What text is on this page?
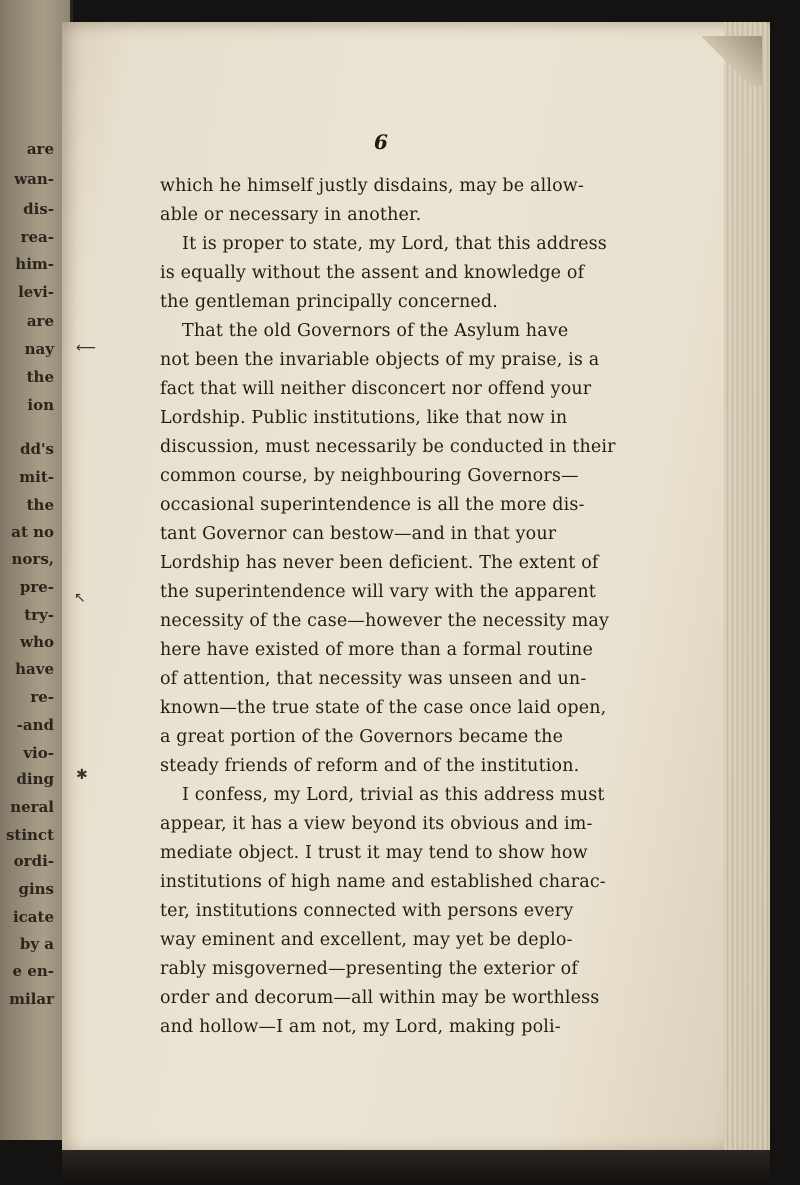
are
wan-
dis-
rea-
him-
levi-
are
nay
the
ion
dd's
mit-
the
at no
nors,
pre-
try-
who
have
re-
-and
vio-
ding
neral
stinct
ordi-
gins
icate
by a
e en-
milar
6
⟵
↖
✱
which he himself justly disdains, may be allow-
able or necessary in another.
It is proper to state, my Lord, that this address
is equally without the assent and knowledge of
the gentleman principally concerned.
That the old Governors of the Asylum have
not been the invariable objects of my praise, is a
fact that will neither disconcert nor offend your
Lordship. Public institutions, like that now in
discussion, must necessarily be conducted in their
common course, by neighbouring Governors—
occasional superintendence is all the more dis-
tant Governor can bestow—and in that your
Lordship has never been deficient. The extent of
the superintendence will vary with the apparent
necessity of the case—however the necessity may
here have existed of more than a formal routine
of attention, that necessity was unseen and un-
known—the true state of the case once laid open,
a great portion of the Governors became the
steady friends of reform and of the institution.
I confess, my Lord, trivial as this address must
appear, it has a view beyond its obvious and im-
mediate object. I trust it may tend to show how
institutions of high name and established charac-
ter, institutions connected with persons every
way eminent and excellent, may yet be deplo-
rably misgoverned—presenting the exterior of
order and decorum—all within may be worthless
and hollow—I am not, my Lord, making poli-
